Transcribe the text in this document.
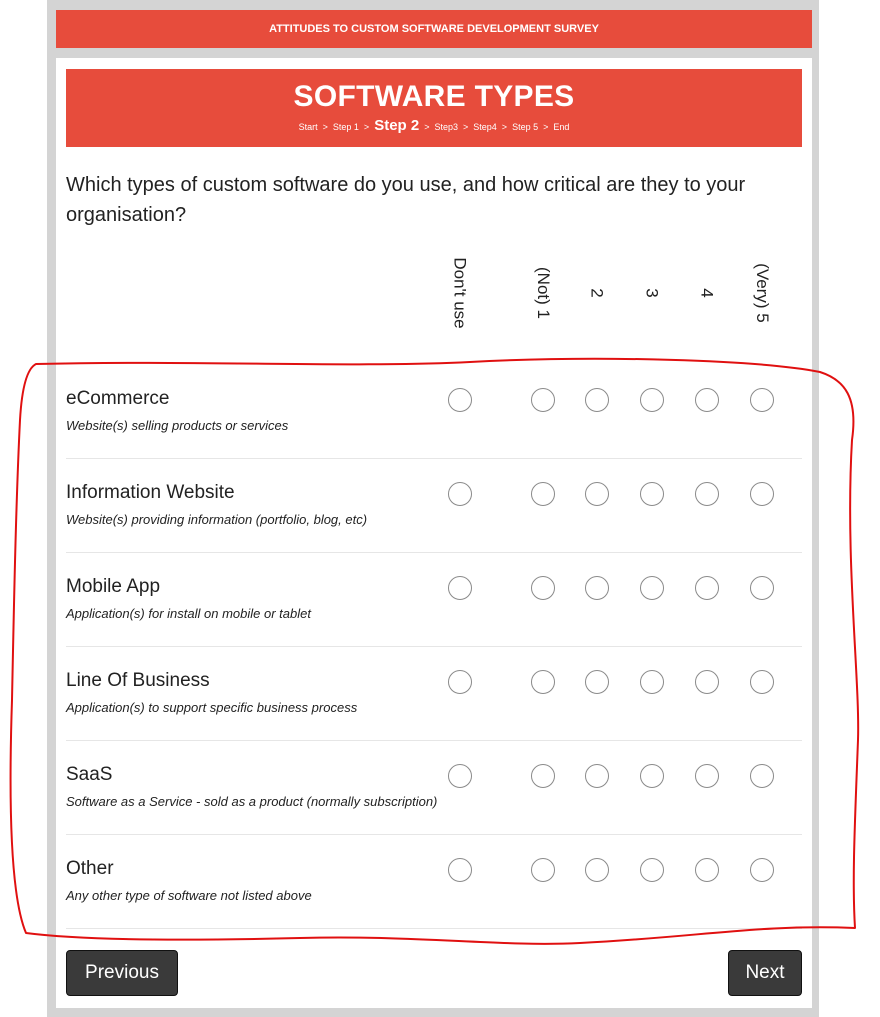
ATTITUDES TO CUSTOM SOFTWARE DEVELOPMENT SURVEY
SOFTWARE TYPES
Start > Step 1 > Step 2 > Step3 > Step4 > Step 5 > End
Which types of custom software do you use, and how critical are they to your organisation?
Don't use	(Not) 1 2 3 4 (Very) 5
eCommerce
Website(s) selling products or services
Information Website
Website(s) providing information (portfolio, blog, etc)
Mobile App
Application(s) for install on mobile or tablet
Line Of Business
Application(s) to support specific business process
SaaS
Software as a Service - sold as a product (normally subscription)
Other
Any other type of software not listed above
Previous	Next
